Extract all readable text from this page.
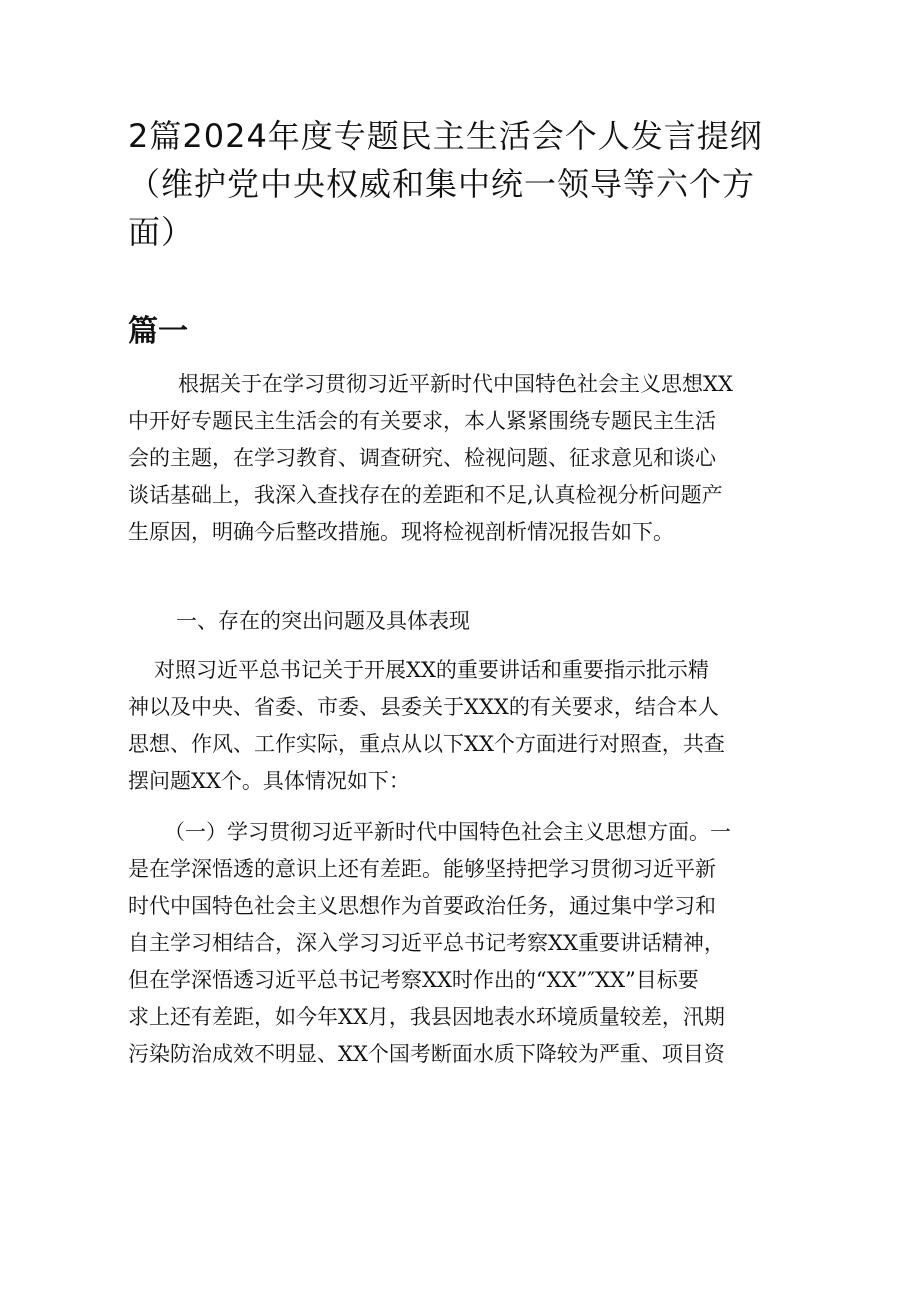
2篇2024年度专题民主生活会个人发言提纲
（维护党中央权威和集中统一领导等六个方
面）
篇一

根据关于在学习贯彻习近平新时代中国特色社会主义思想XX
中开好专题民主生活会的有关要求，本人紧紧围绕专题民主生活
会的主题，在学习教育、调查研究、检视问题、征求意见和谈心
谈话基础上，我深入查找存在的差距和不足,认真检视分析问题产
生原因，明确今后整改措施。现将检视剖析情况报告如下。

一、存在的突出问题及具体表现

对照习近平总书记关于开展XX的重要讲话和重要指示批示精
神以及中央、省委、市委、县委关于XXX的有关要求，结合本人
思想、作风、工作实际，重点从以下XX个方面进行对照查，共查
摆问题XX个。具体情况如下：

（一）学习贯彻习近平新时代中国特色社会主义思想方面。一
是在学深悟透的意识上还有差距。能够坚持把学习贯彻习近平新
时代中国特色社会主义思想作为首要政治任务，通过集中学习和
自主学习相结合，深入学习习近平总书记考察XX重要讲话精神，
但在学深悟透习近平总书记考察XX时作出的“XX”″XX”目标要
求上还有差距，如今年XX月，我县因地表水环境质量较差，汛期
污染防治成效不明显、XX个国考断面水质下降较为严重、项目资
